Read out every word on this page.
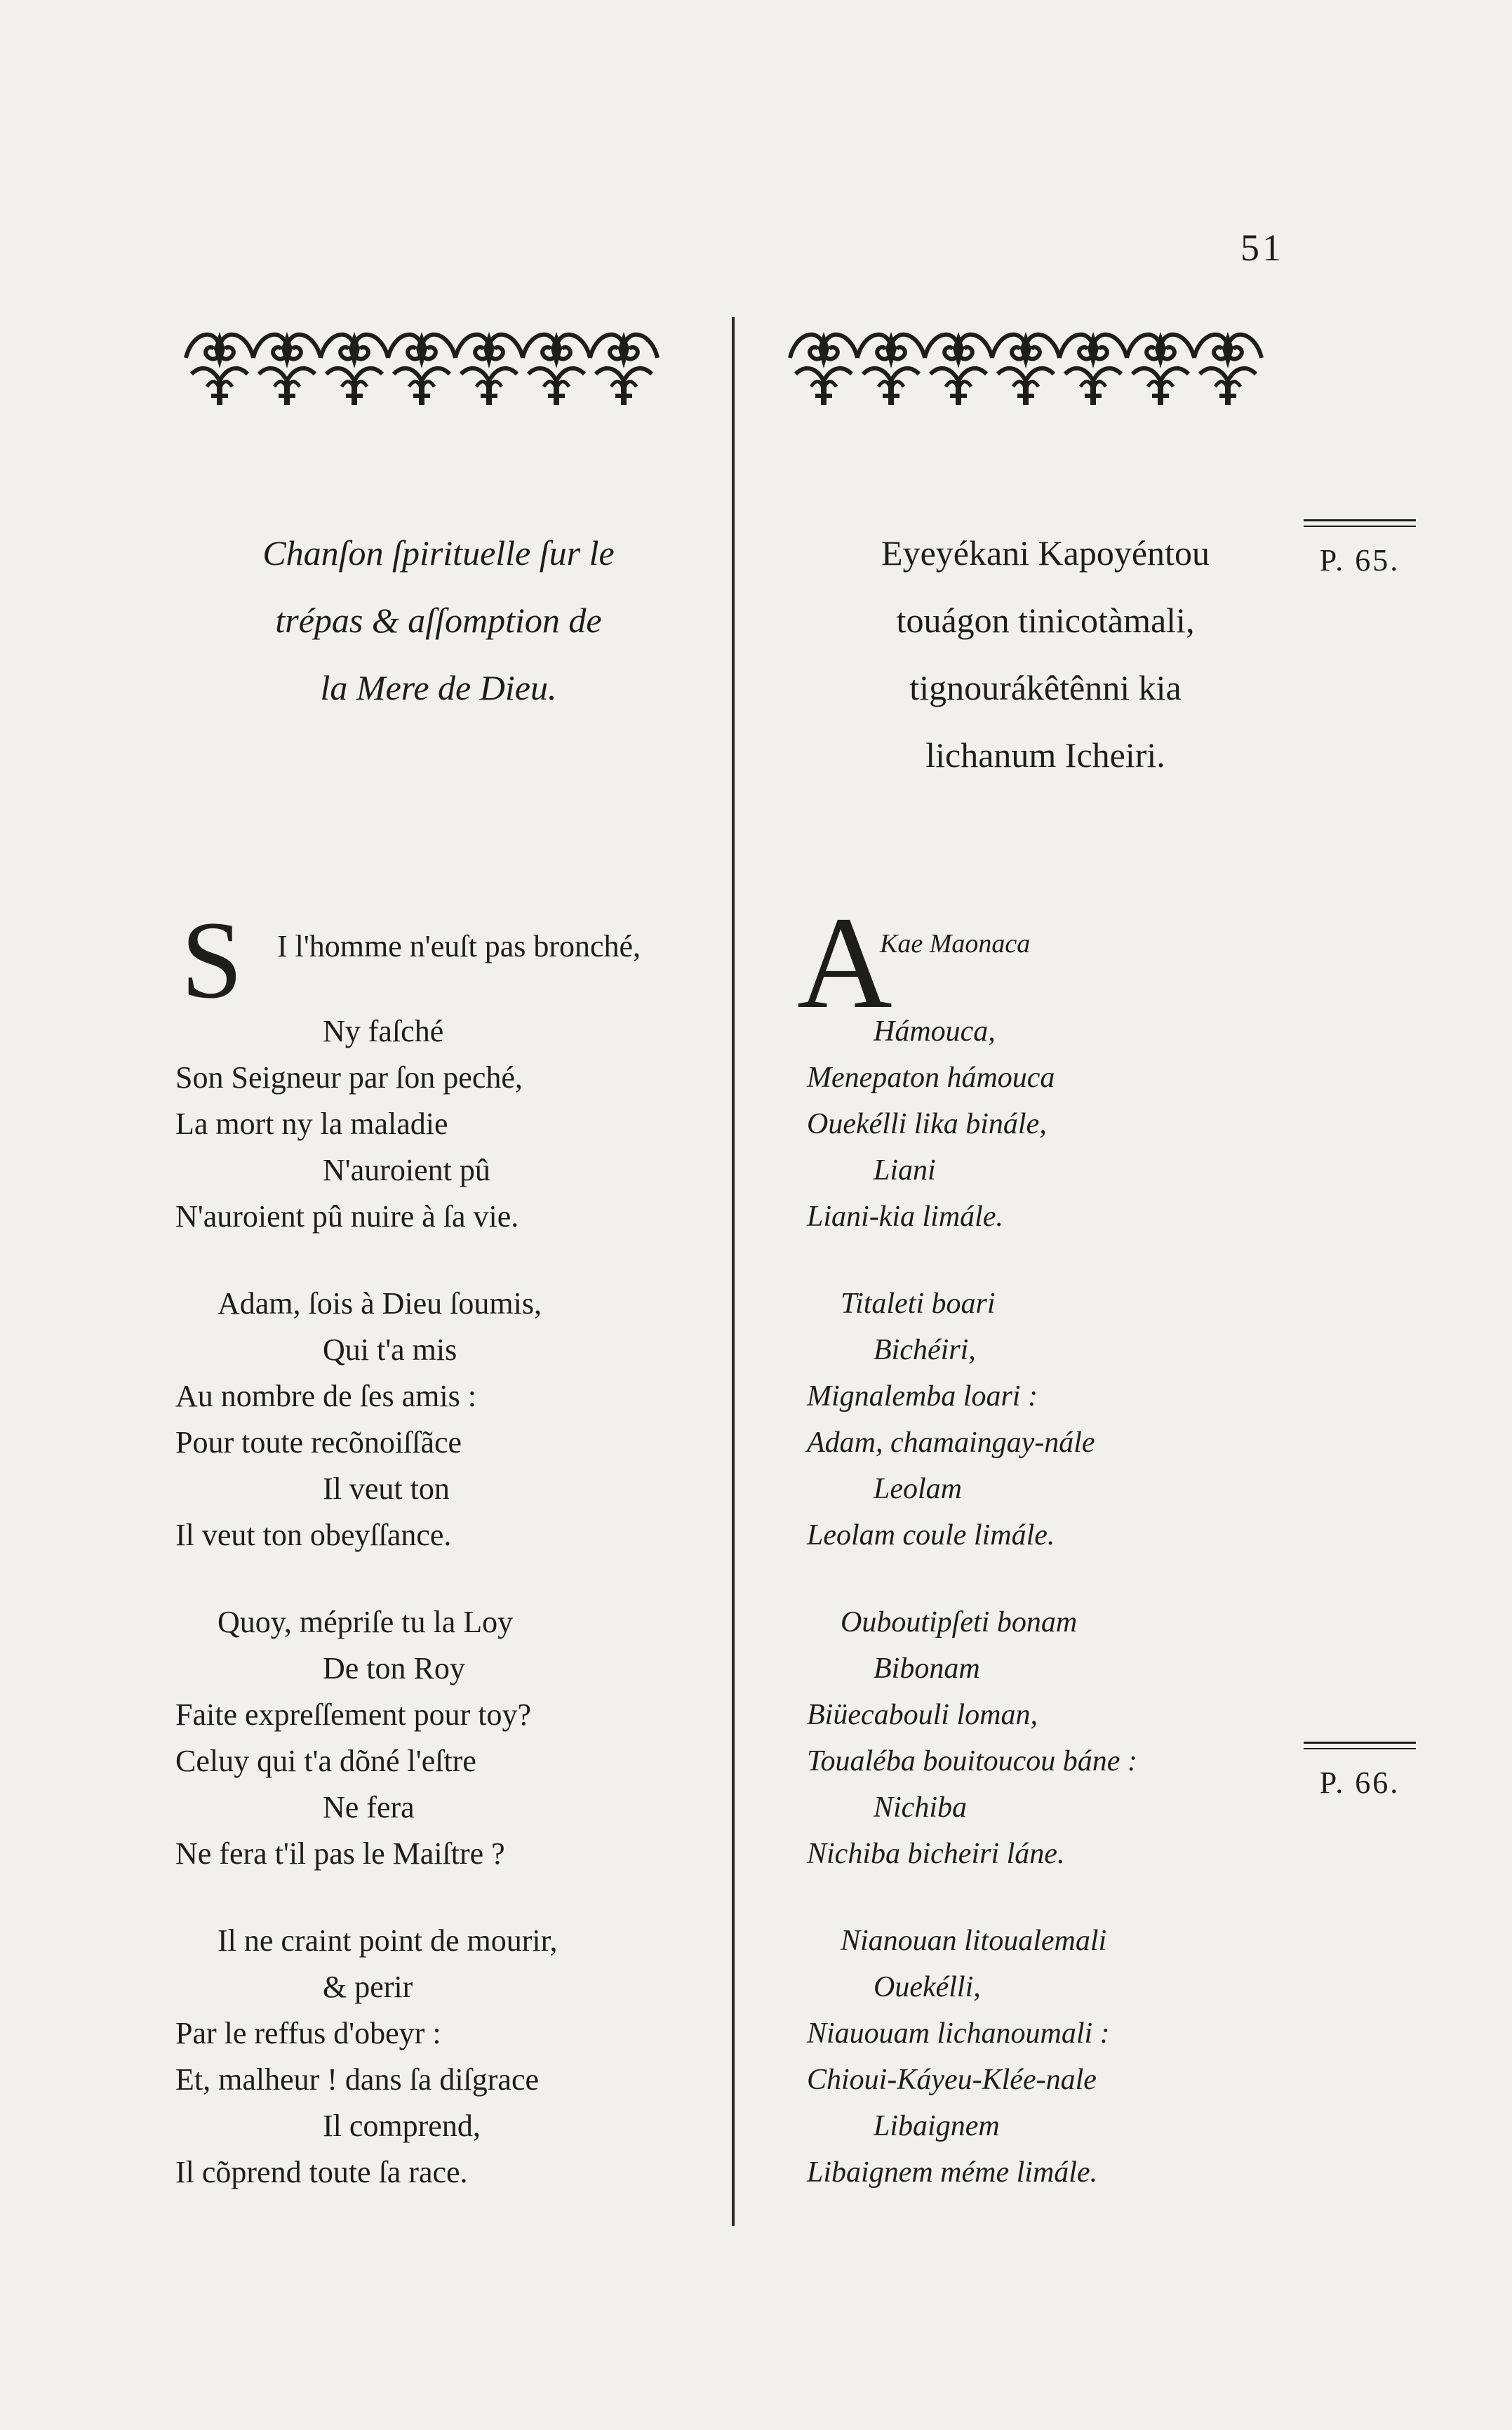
51
Chanſon ſpirituelle ſur le
trépas & aſſomption de
la Mere de Dieu.
S I l'homme n'euſt pas bronché,
Ny faſché
Son Seigneur par ſon peché,
La mort ny la maladie
N'auroient pû
N'auroient pû nuire à ſa vie.
Adam, ſois à Dieu ſoumis,
Qui t'a mis
Au nombre de ſes amis :
Pour toute recõnoiſſãce
Il veut ton
Il veut ton obeyſſance.
Quoy, mépriſe tu la Loy
De ton Roy
Faite expreſſement pour toy?
Celuy qui t'a dõné l'eſtre
Ne fera
Ne fera t'il pas le Maiſtre ?
Il ne craint point de mourir,
& perir
Par le reffus d'obeyr :
Et, malheur ! dans ſa diſgrace
Il comprend,
Il cõprend toute ſa race.
Eyeyékani Kapoyéntou
touágon tinicotàmali,
tignourákêtênni kia
lichanum Icheiri.
A
Kae Maonaca
Hámouca,
Menepaton hámouca
Ouekélli lika binále,
Liani
Liani-kia limále.
Titaleti boari
Bichéiri,
Mignalemba loari :
Adam, chamaingay-nále
Leolam
Leolam coule limále.
Ouboutipſeti bonam
Bibonam
Biüecabouli loman,
Toualéba bouitoucou báne :
Nichiba
Nichiba bicheiri láne.
Nianouan litoualemali
Ouekélli,
Niauouam lichanoumali :
Chioui-Káyeu-Klée-nale
Libaignem
Libaignem méme limále.
P. 65.
P. 66.
